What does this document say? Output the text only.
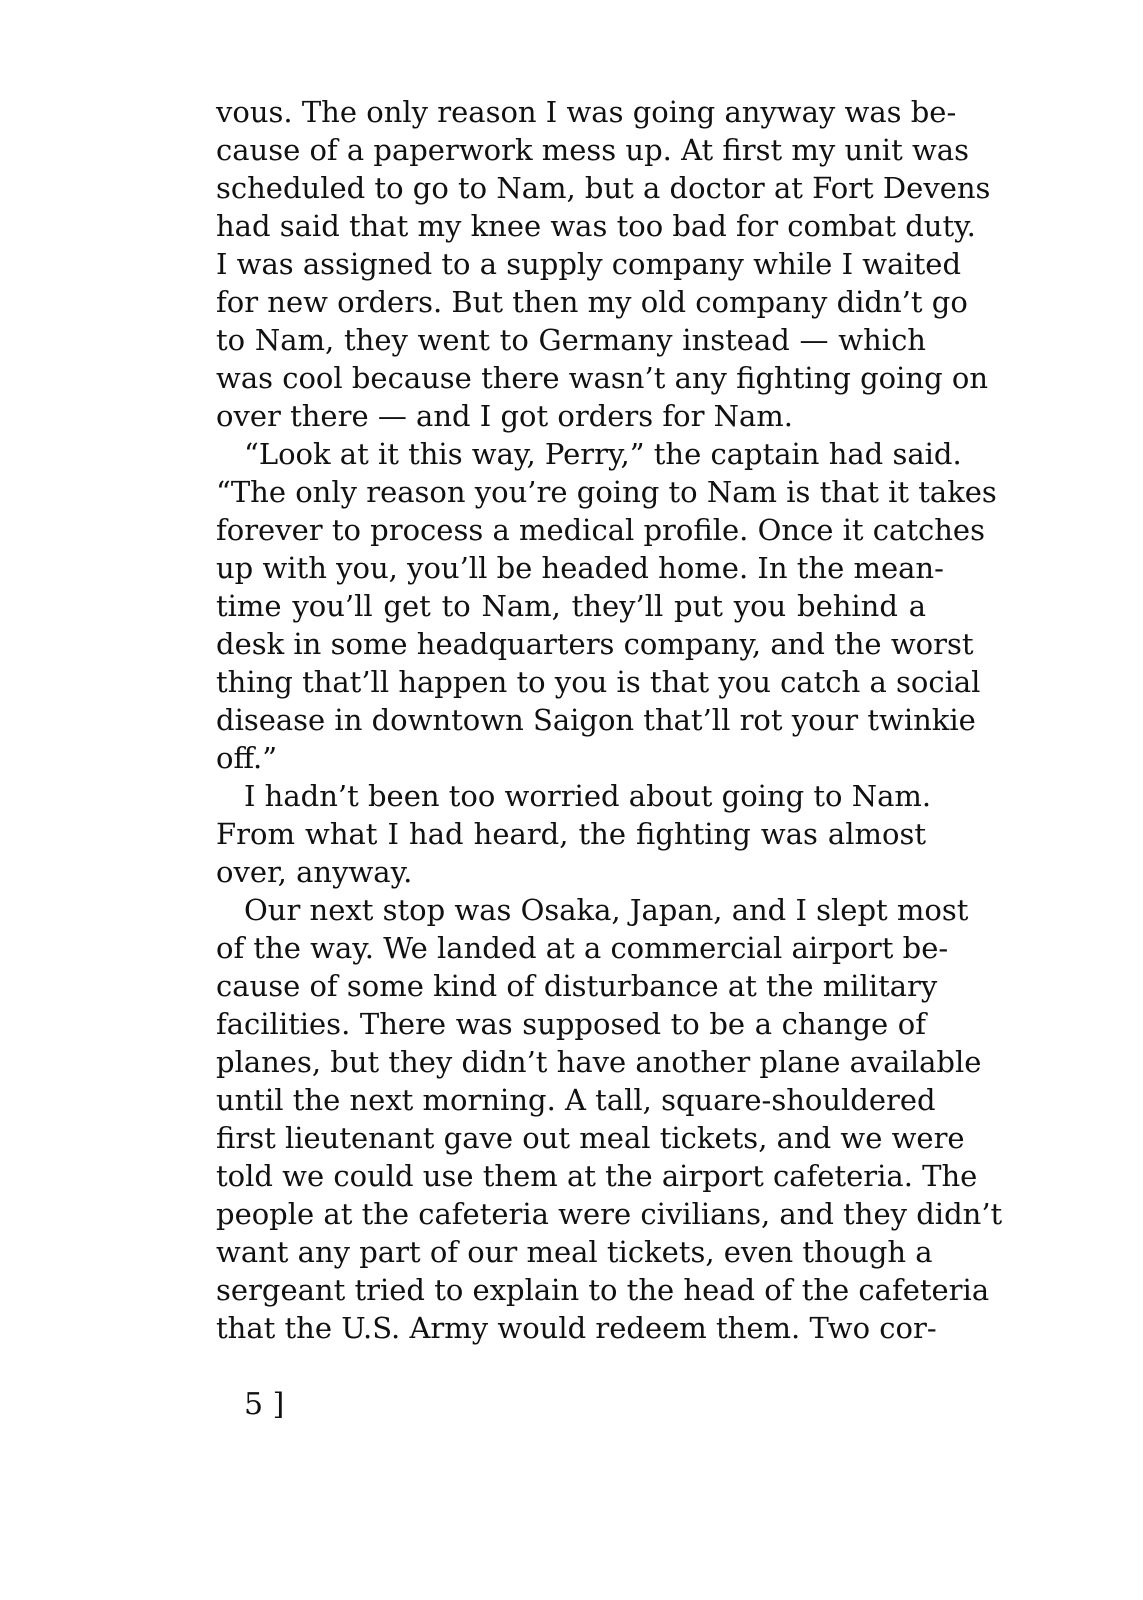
vous. The only reason I was going anyway was be-
cause of a paperwork mess up. At first my unit was
scheduled to go to Nam, but a doctor at Fort Devens
had said that my knee was too bad for combat duty.
I was assigned to a supply company while I waited
for new orders. But then my old company didn’t go
to Nam, they went to Germany instead — which
was cool because there wasn’t any fighting going on
over there — and I got orders for Nam.
“Look at it this way, Perry,” the captain had said.
“The only reason you’re going to Nam is that it takes
forever to process a medical profile. Once it catches
up with you, you’ll be headed home. In the mean-
time you’ll get to Nam, they’ll put you behind a
desk in some headquarters company, and the worst
thing that’ll happen to you is that you catch a social
disease in downtown Saigon that’ll rot your twinkie
off.”
I hadn’t been too worried about going to Nam.
From what I had heard, the fighting was almost
over, anyway.
Our next stop was Osaka, Japan, and I slept most
of the way. We landed at a commercial airport be-
cause of some kind of disturbance at the military
facilities. There was supposed to be a change of
planes, but they didn’t have another plane available
until the next morning. A tall, square-shouldered
first lieutenant gave out meal tickets, and we were
told we could use them at the airport cafeteria. The
people at the cafeteria were civilians, and they didn’t
want any part of our meal tickets, even though a
sergeant tried to explain to the head of the cafeteria
that the U.S. Army would redeem them. Two cor-
5 ]
